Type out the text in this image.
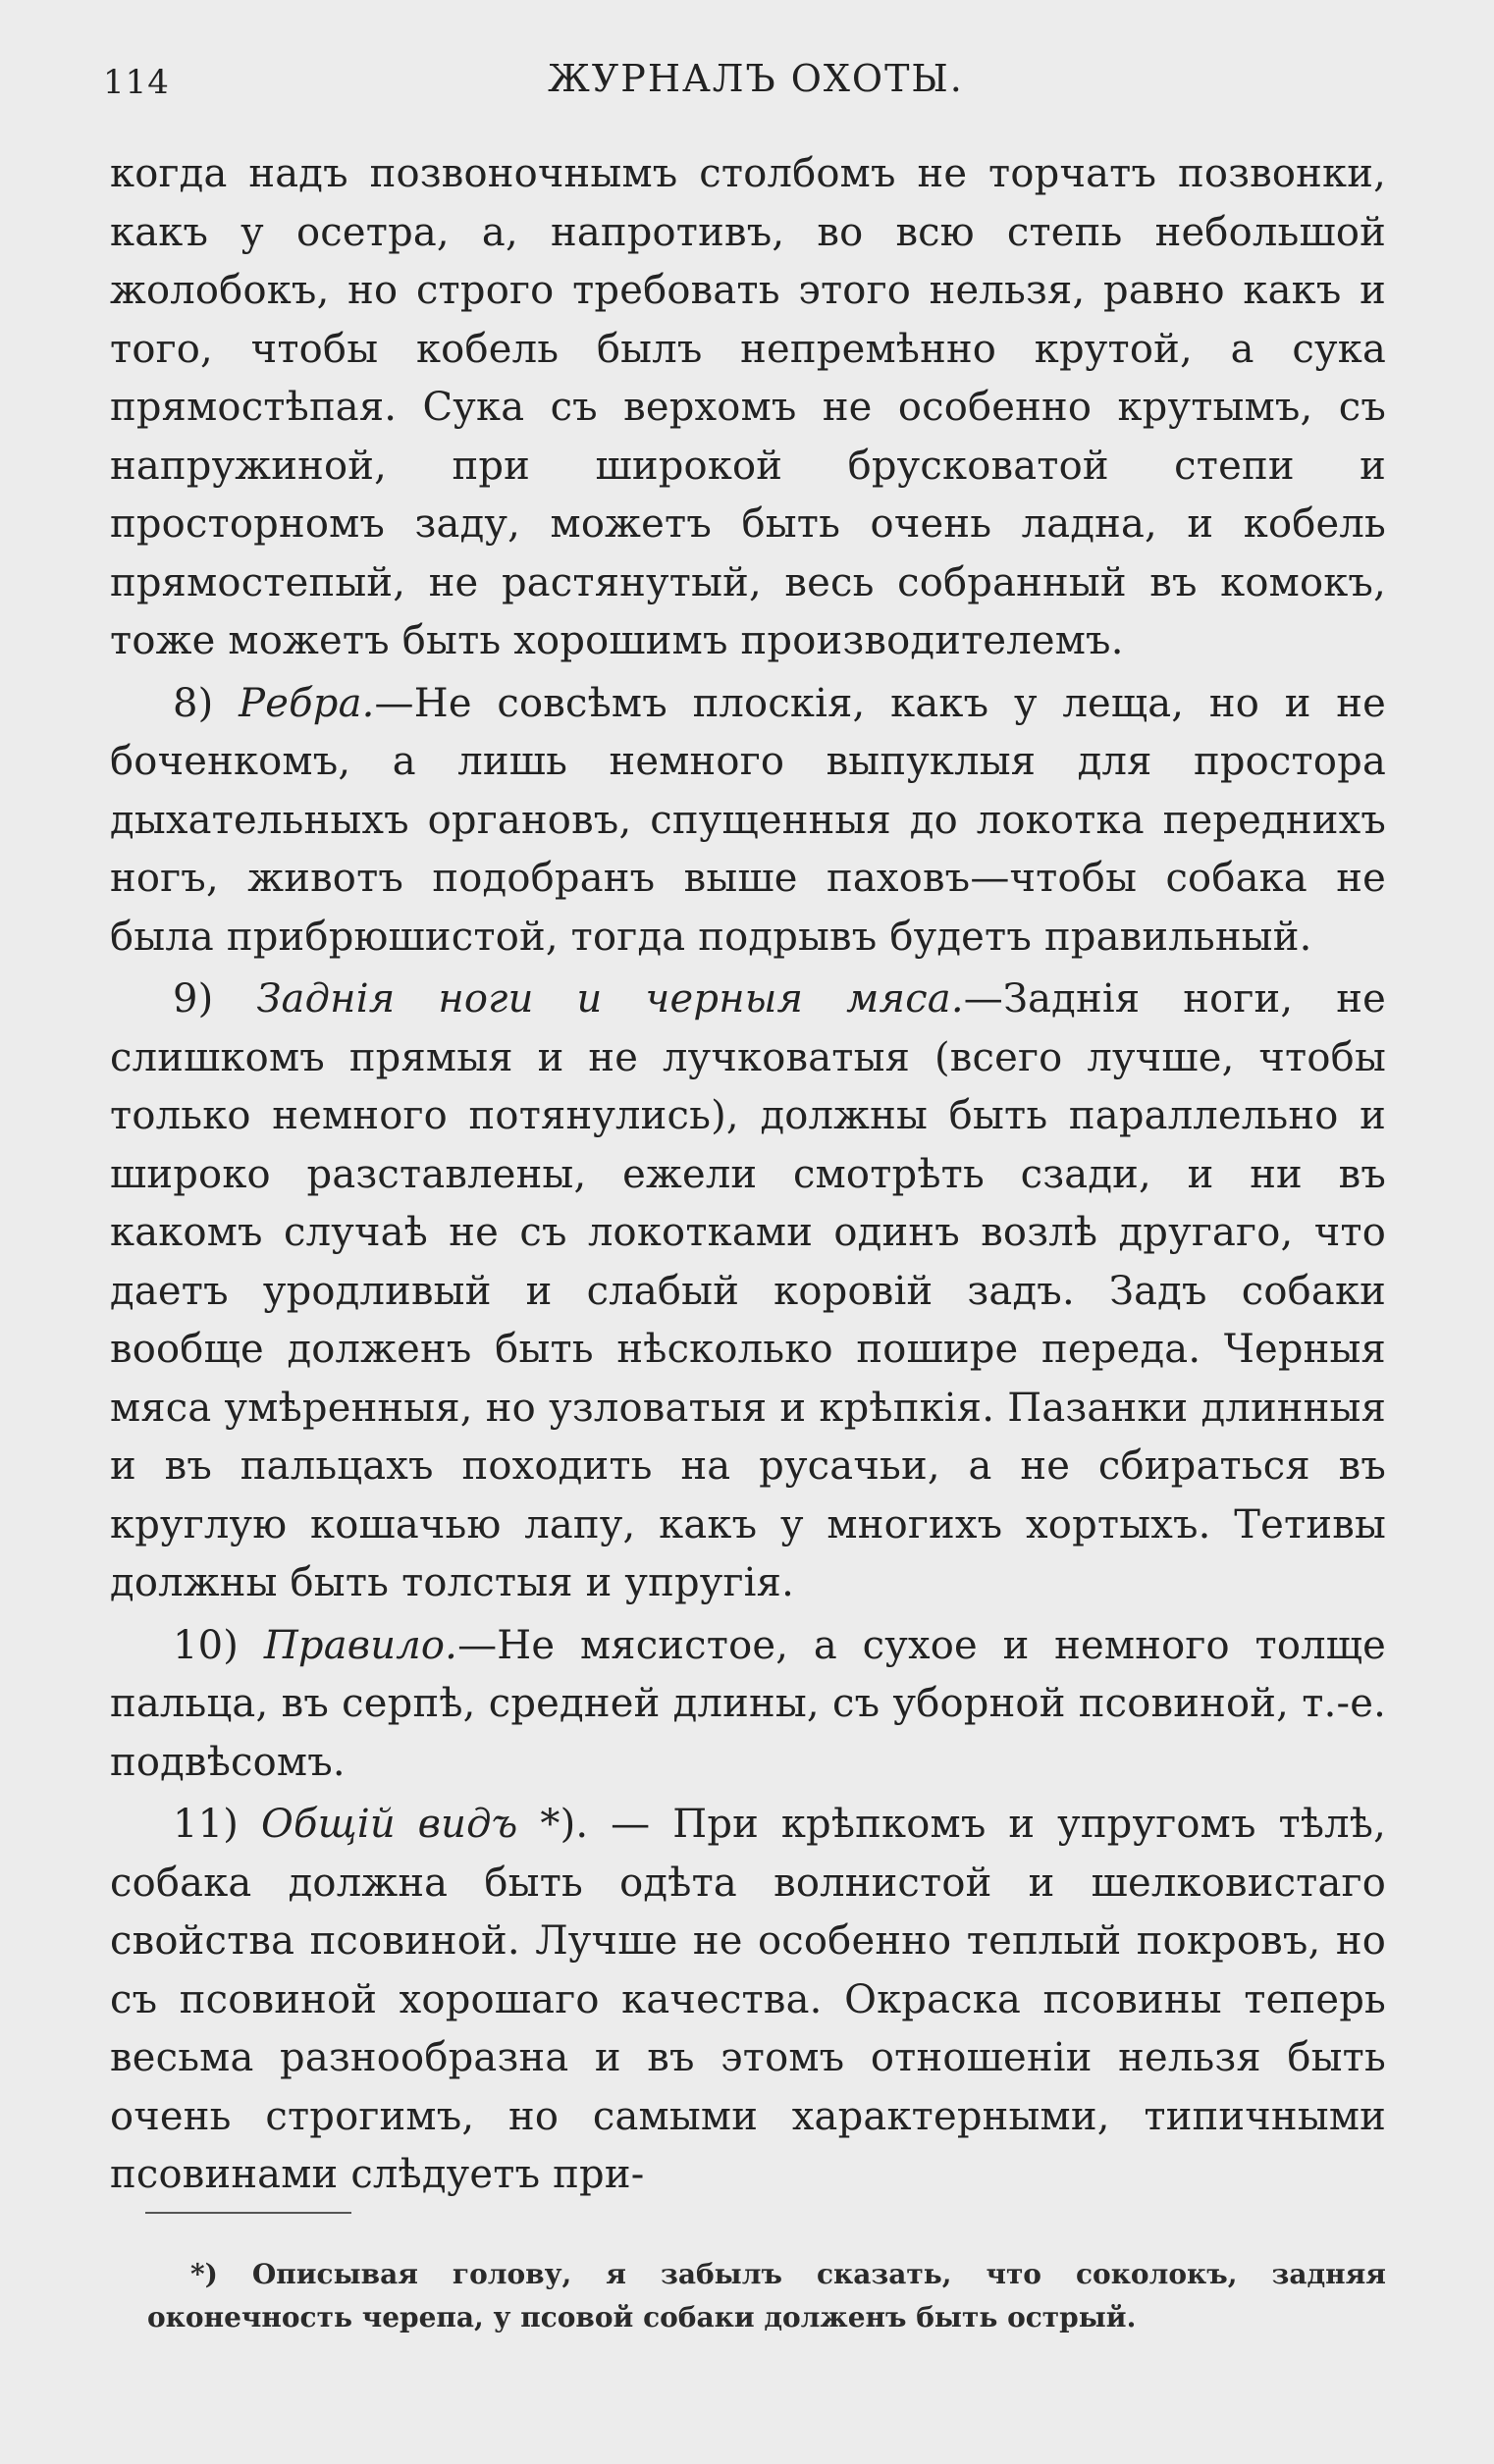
114	ЖУРНАЛЪ ОХОТЫ.

когда надъ позвоночнымъ столбомъ не торчатъ позвонки, какъ у осетра, а, напротивъ, во всю степь небольшой жолобокъ, но строго требовать этого нельзя, равно какъ и того, чтобы кобель былъ непремѣнно крутой, а сука прямостѣпая. Сука съ верхомъ не особенно крутымъ, съ напружиной, при широкой брусковатой степи и просторномъ заду, можетъ быть очень ладна, и кобель прямостепый, не растянутый, весь собранный въ комокъ, тоже можетъ быть хорошимъ производителемъ.

8) Ребра.—Не совсѣмъ плоскія, какъ у леща, но и не боченкомъ, а лишь немного выпуклыя для простора дыхательныхъ органовъ, спущенныя до локотка переднихъ ногъ, животъ подобранъ выше паховъ—чтобы собака не была прибрюшистой, тогда подрывъ будетъ правильный.

9) Заднія ноги и черныя мяса.—Заднія ноги, не слишкомъ прямыя и не лучковатыя (всего лучше, чтобы только немного потянулись), должны быть параллельно и широко разставлены, ежели смотрѣть сзади, и ни въ какомъ случаѣ не съ локотками одинъ возлѣ другаго, что даетъ уродливый и слабый коровій задъ. Задъ собаки вообще долженъ быть нѣсколько пошире переда. Черныя мяса умѣренныя, но узловатыя и крѣпкія. Пазанки длинныя и въ пальцахъ походить на русачьи, а не сбираться въ круглую кошачью лапу, какъ у многихъ хортыхъ. Тетивы должны быть толстыя и упругія.

10) Правило.—Не мясистое, а сухое и немного толще пальца, въ серпѣ, средней длины, съ уборной псовиной, т.-е. подвѣсомъ.

11) Общій видъ *). — При крѣпкомъ и упругомъ тѣлѣ, собака должна быть одѣта волнистой и шелковистаго свойства псовиной. Лучше не особенно теплый покровъ, но съ псовиной хорошаго качества. Окраска псовины теперь весьма разнообразна и въ этомъ отношенiи нельзя быть очень строгимъ, но самыми характерными, типичными псовинами слѣдуетъ при-

*) Описывая голову, я забылъ сказать, что соколокъ, задняя оконечность черепа, у псовой собаки долженъ быть острый.
